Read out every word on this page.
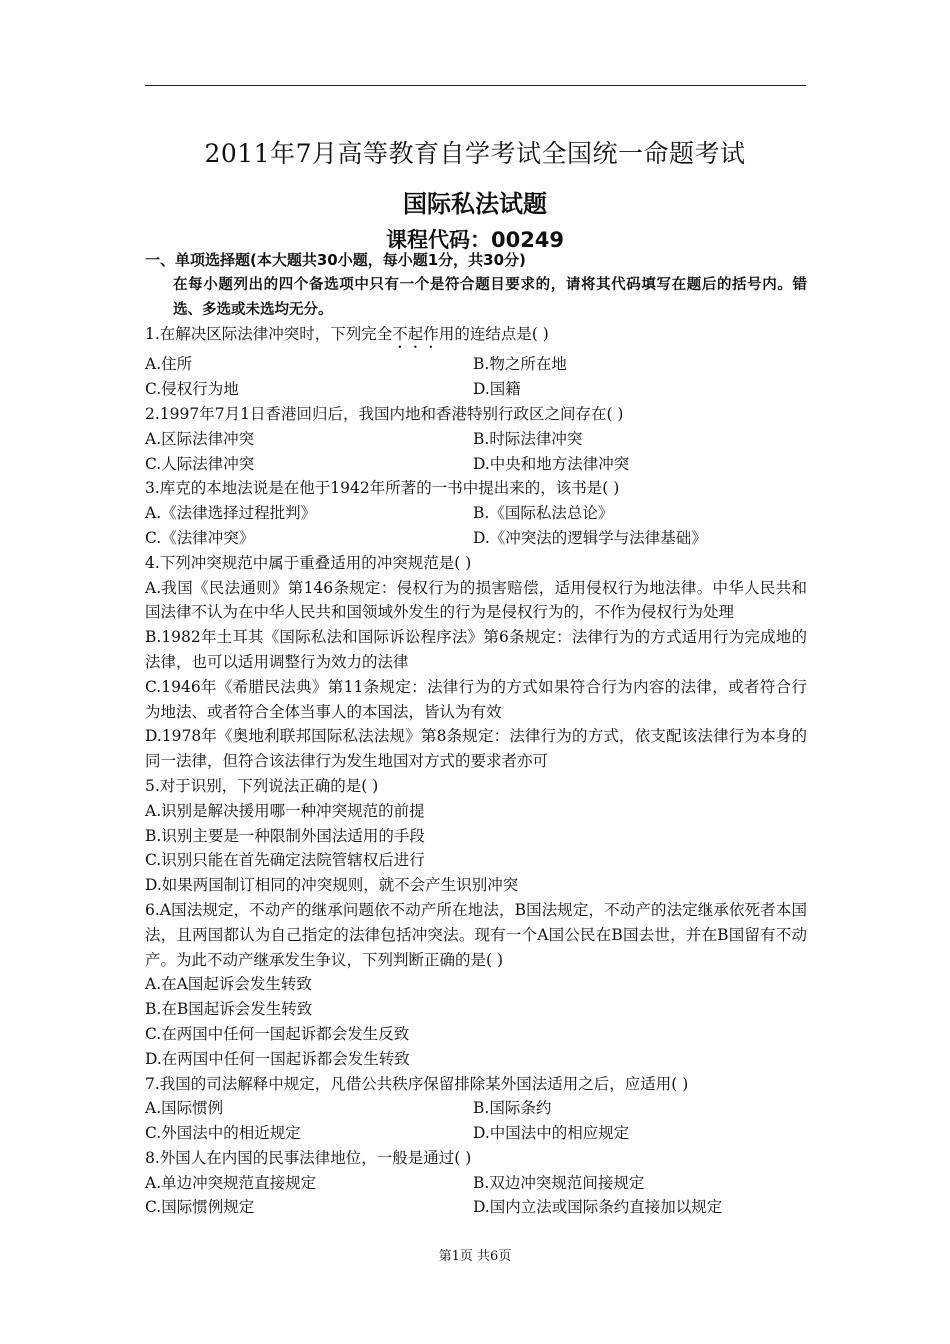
2011年7月高等教育自学考试全国统一命题考试
国际私法试题
课程代码：00249
一、单项选择题(本大题共30小题，每小题1分，共30分)
在每小题列出的四个备选项中只有一个是符合题目要求的，请将其代码填写在题后的括号内。错选、多选或未选均无分。
1.在解决区际法律冲突时，下列完全不起作用的连结点是( )
A.住所	B.物之所在地
C.侵权行为地	D.国籍
2.1997年7月1日香港回归后，我国内地和香港特别行政区之间存在( )
A.区际法律冲突	B.时际法律冲突
C.人际法律冲突	D.中央和地方法律冲突
3.库克的本地法说是在他于1942年所著的一书中提出来的，该书是( )
A.《法律选择过程批判》	B.《国际私法总论》
C.《法律冲突》	D.《冲突法的逻辑学与法律基础》
4.下列冲突规范中属于重叠适用的冲突规范是( )
A.我国《民法通则》第146条规定：侵权行为的损害赔偿，适用侵权行为地法律。中华人民共和国法律不认为在中华人民共和国领域外发生的行为是侵权行为的，不作为侵权行为处理
B.1982年土耳其《国际私法和国际诉讼程序法》第6条规定：法律行为的方式适用行为完成地的法律，也可以适用调整行为效力的法律
C.1946年《希腊民法典》第11条规定：法律行为的方式如果符合行为内容的法律，或者符合行为地法、或者符合全体当事人的本国法，皆认为有效
D.1978年《奥地利联邦国际私法法规》第8条规定：法律行为的方式，依支配该法律行为本身的同一法律，但符合该法律行为发生地国对方式的要求者亦可
5.对于识别，下列说法正确的是( )
A.识别是解决援用哪一种冲突规范的前提
B.识别主要是一种限制外国法适用的手段
C.识别只能在首先确定法院管辖权后进行
D.如果两国制订相同的冲突规则，就不会产生识别冲突
6.A国法规定，不动产的继承问题依不动产所在地法，B国法规定，不动产的法定继承依死者本国法，且两国都认为自己指定的法律包括冲突法。现有一个A国公民在B国去世，并在B国留有不动产。为此不动产继承发生争议，下列判断正确的是( )
A.在A国起诉会发生转致
B.在B国起诉会发生转致
C.在两国中任何一国起诉都会发生反致
D.在两国中任何一国起诉都会发生转致
7.我国的司法解释中规定，凡借公共秩序保留排除某外国法适用之后，应适用( )
A.国际惯例	B.国际条约
C.外国法中的相近规定	D.中国法中的相应规定
8.外国人在内国的民事法律地位，一般是通过( )
A.单边冲突规范直接规定	B.双边冲突规范间接规定
C.国际惯例规定	D.国内立法或国际条约直接加以规定
第1页 共6页
